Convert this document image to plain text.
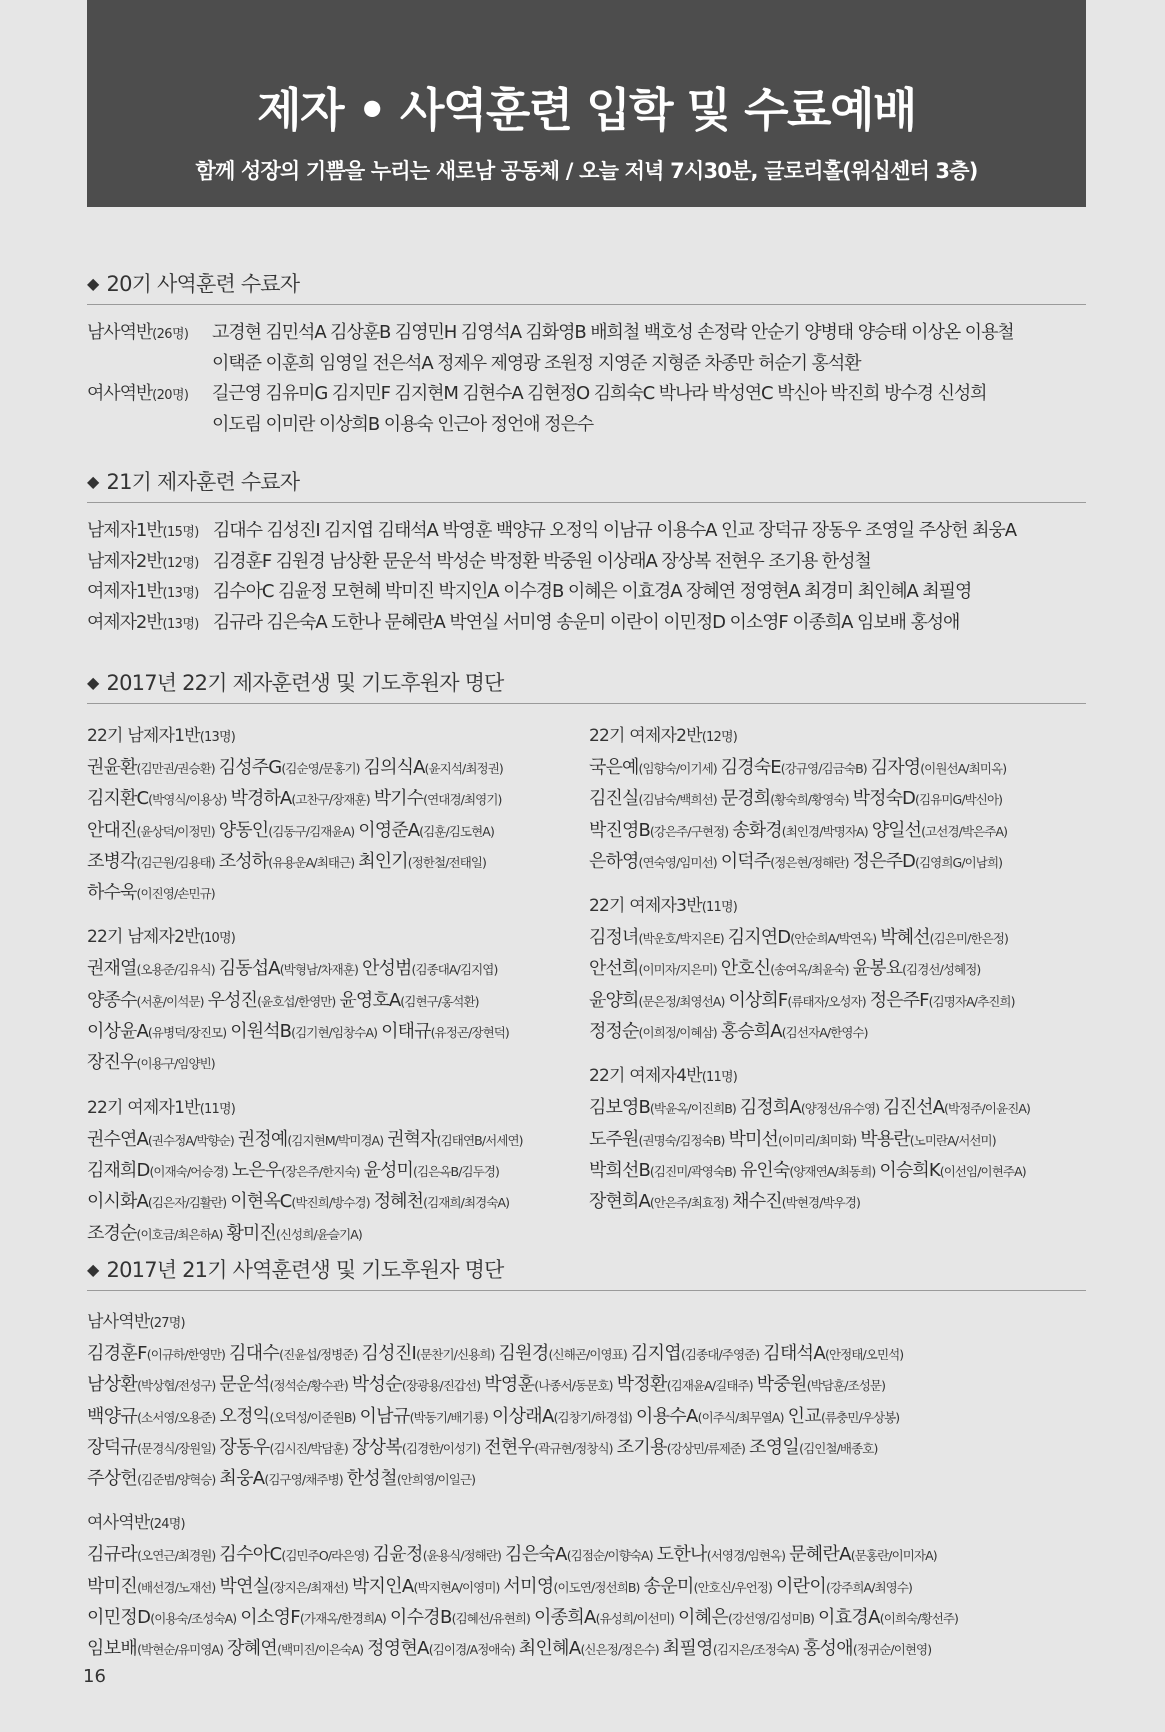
제자 • 사역훈련 입학 및 수료예배
함께 성장의 기쁨을 누리는 새로남 공동체 / 오늘 저녁 7시30분, 글로리홀(워십센터 3층)
◆ 20기 사역훈련 수료자
남사역반(26명) 고경현 김민석A 김상훈B 김영민H 김영석A 김화영B 배희철 백호성 손정락 안순기 양병태 양승태 이상온 이용철
이택준 이훈희 임영일 전은석A 정제우 제영광 조원정 지영준 지형준 차종만 허순기 홍석환
여사역반(20명) 길근영 김유미G 김지민F 김지현M 김현수A 김현정O 김희숙C 박나라 박성연C 박신아 박진희 방수경 신성희
이도림 이미란 이상희B 이용숙 인근아 정언애 정은수
◆ 21기 제자훈련 수료자
남제자1반(15명) 김대수 김성진I 김지엽 김태석A 박영훈 백양규 오정익 이남규 이용수A 인교 장덕규 장동우 조영일 주상헌 최웅A
남제자2반(12명) 김경훈F 김원경 남상환 문운석 박성순 박정환 박중원 이상래A 장상복 전현우 조기용 한성철
여제자1반(13명) 김수아C 김윤정 모현혜 박미진 박지인A 이수경B 이혜은 이효경A 장혜연 정영현A 최경미 최인혜A 최필영
여제자2반(13명) 김규라 김은숙A 도한나 문혜란A 박연실 서미영 송운미 이란이 이민정D 이소영F 이종희A 임보배 홍성애
◆ 2017년 22기 제자훈련생 및 기도후원자 명단
22기 남제자1반(13명)
권윤환(김만권/권승환) 김성주G(김순영/문홍기) 김의식A(윤지석/최정권)
김지환C(박영식/이용상) 박경하A(고찬구/장재훈) 박기수(연대경/최영기)
안대진(윤상덕/이정민) 양동인(김동구/김재윤A) 이영준A(김훈/김도현A)
조병각(김근원/김용태) 조성하(유용운A/최태근) 최인기(정한철/전태일)
하수욱(이진영/손민규)
22기 남제자2반(10명)
권재열(오용준/김유식) 김동섭A(박형남/차재훈) 안성범(김종대A/김지엽)
양종수(서훈/이석문) 우성진(윤호섭/한영만) 윤영호A(김현구/홍석환)
이상윤A(유병덕/장진모) 이원석B(김기현/임창수A) 이태규(유정곤/장현덕)
장진우(이용구/임양빈)
22기 여제자1반(11명)
권수연A(권수정A/박향순) 권정예(김지현M/박미경A) 권혁자(김태연B/서세연)
김재희D(이재숙/어승경) 노은우(장은주/한지숙) 윤성미(김은옥B/김두경)
이시화A(김은자/김활란) 이현옥C(박진희/방수경) 정혜천(김재희/최경숙A)
조경순(이호금/최은하A) 황미진(신성희/윤슬기A)
22기 여제자2반(12명)
국은예(임향숙/이기세) 김경숙E(강규영/김금숙B) 김자영(이원선A/최미옥)
김진실(김남숙/백희선) 문경희(황숙희/황영숙) 박정숙D(김유미G/박신아)
박진영B(강은주/구현정) 송화경(최인경/박명자A) 양일선(고선경/박은주A)
은하영(연숙영/임미선) 이덕주(정은현/정해란) 정은주D(김영희G/이남희)
22기 여제자3반(11명)
김정녀(박운호/박지은E) 김지연D(안순희A/박연옥) 박혜선(김은미/한은정)
안선희(이미자/지은미) 안호신(송여옥/최윤숙) 윤봉요(김경선/성혜정)
윤양희(문은정/최영선A) 이상희F(류태자/오성자) 정은주F(김명자A/추진희)
정정순(이희정/이혜삼) 홍승희A(김선자A/한영수)
22기 여제자4반(11명)
김보영B(박윤옥/이진희B) 김정희A(양정선/유수영) 김진선A(박정주/이윤진A)
도주원(권명숙/김정숙B) 박미선(이미리/최미화) 박용란(노미란A/서선미)
박희선B(김진미/곽영숙B) 유인숙(양재연A/최동희) 이승희K(이선임/이현주A)
장현희A(안은주/최효정) 채수진(박현경/박우경)
◆ 2017년 21기 사역훈련생 및 기도후원자 명단
남사역반(27명)
김경훈F(이규하/한영만) 김대수(진윤섭/정병준) 김성진I(문찬기/신용희) 김원경(신해곤/이영표) 김지엽(김종대/주영준) 김태석A(안정태/오민석)
남상환(박상협/전성구) 문운석(정석순/황수관) 박성순(장광용/진갑선) 박영훈(나종서/동문호) 박정환(김재윤A/길태주) 박중원(박담훈/조성문)
백양규(소서영/오용준) 오정익(오덕성/이준원B) 이남규(박동기/배기룡) 이상래A(김창기/하경섭) 이용수A(이주식/최무열A) 인교(류충민/우상봉)
장덕규(문경식/장원일) 장동우(김시진/박담훈) 장상복(김경한/이성기) 전현우(곽규현/정창식) 조기용(강상민/류제준) 조영일(김인철/배종호)
주상헌(김준범/양혁승) 최웅A(김구영/채주병) 한성철(안희영/이일근)
여사역반(24명)
김규라(오연근/최경원) 김수아C(김민주O/라은영) 김윤정(윤용식/정해란) 김은숙A(김점순/이향숙A) 도한나(서영경/임현옥) 문혜란A(문홍란/이미자A)
박미진(배선경/노재선) 박연실(장지은/최재선) 박지인A(박지현A/이영미) 서미영(이도연/정선희B) 송운미(안호신/우언정) 이란이(강주희A/최영수)
이민정D(이용숙/조성숙A) 이소영F(가재옥/한경희A) 이수경B(김혜선/유현희) 이종희A(유성희/이선미) 이혜은(강선영/김성미B) 이효경A(이희숙/황선주)
임보배(박현순/유미영A) 장혜연(백미진/이은숙A) 정영현A(김이경/A정애숙) 최인혜A(신은정/정은수) 최필영(김지은/조정숙A) 홍성애(정귀순/이현영)
16
